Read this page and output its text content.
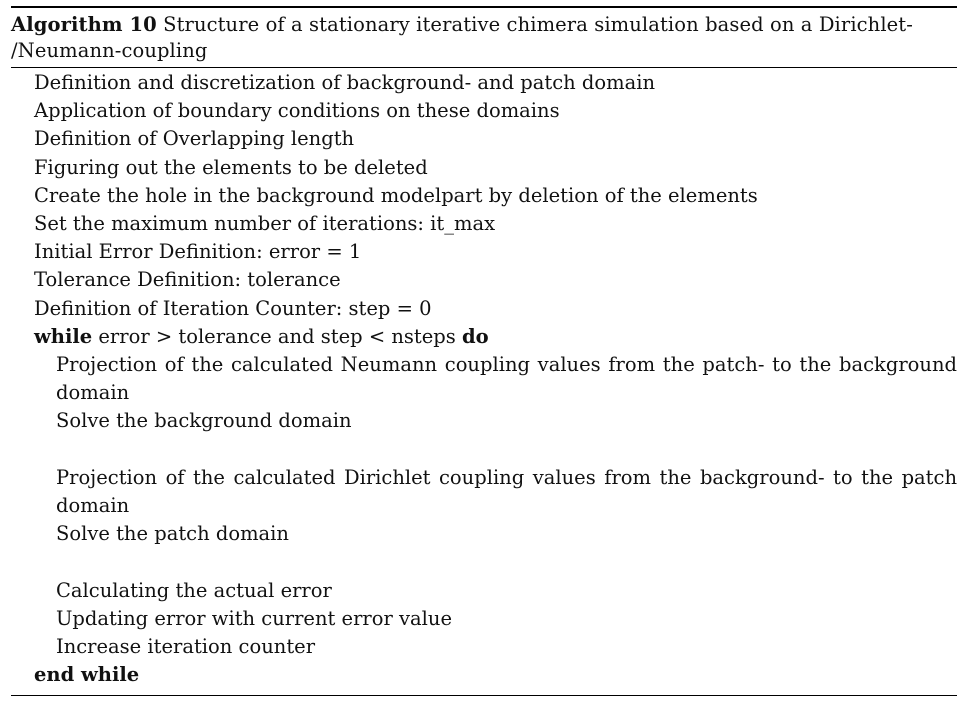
Algorithm 10 Structure of a stationary iterative chimera simulation based on a Dirichlet-
/Neumann-coupling
Definition and discretization of background- and patch domain
Application of boundary conditions on these domains
Definition of Overlapping length
Figuring out the elements to be deleted
Create the hole in the background modelpart by deletion of the elements
Set the maximum number of iterations: it_max
Initial Error Definition: error = 1
Tolerance Definition: tolerance
Definition of Iteration Counter: step = 0
while error > tolerance and step < nsteps do
Projection of the calculated Neumann coupling values from the patch- to the background domain
Solve the background domain
Projection of the calculated Dirichlet coupling values from the background- to the patch domain
Solve the patch domain
Calculating the actual error
Updating error with current error value
Increase iteration counter
end while
